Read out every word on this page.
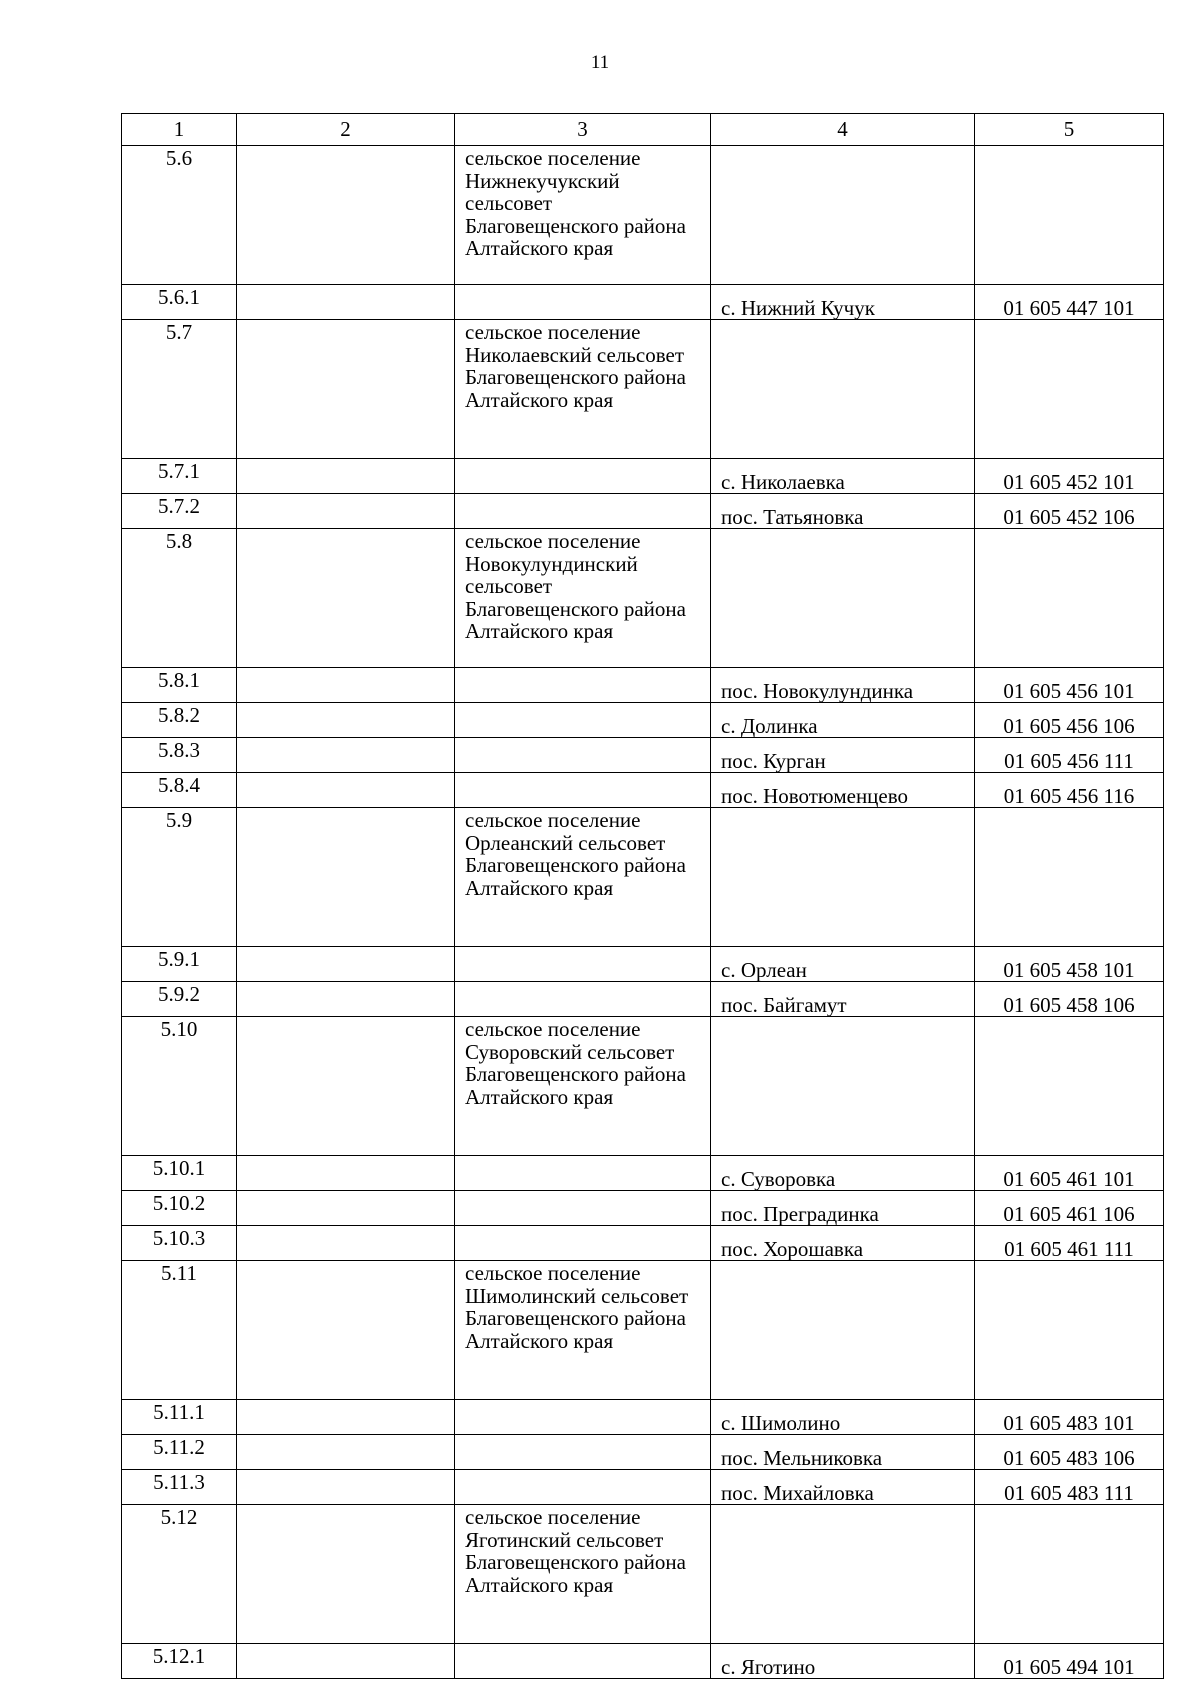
11
1	2	3	4	5
5.6		сельское поселение Нижнекучукский сельсовет Благовещенского района Алтайского края		
5.6.1			с. Нижний Кучук	01 605 447 101
5.7		сельское поселение Николаевский сельсовет Благовещенского района Алтайского края		
5.7.1			с. Николаевка	01 605 452 101
5.7.2			пос. Татьяновка	01 605 452 106
5.8		сельское поселение Новокулундинский сельсовет Благовещенского района Алтайского края		
5.8.1			пос. Новокулундинка	01 605 456 101
5.8.2			с. Долинка	01 605 456 106
5.8.3			пос. Курган	01 605 456 111
5.8.4			пос. Новотюменцево	01 605 456 116
5.9		сельское поселение Орлеанский сельсовет Благовещенского района Алтайского края		
5.9.1			с. Орлеан	01 605 458 101
5.9.2			пос. Байгамут	01 605 458 106
5.10		сельское поселение Суворовский сельсовет Благовещенского района Алтайского края		
5.10.1			с. Суворовка	01 605 461 101
5.10.2			пос. Преградинка	01 605 461 106
5.10.3			пос. Хорошавка	01 605 461 111
5.11		сельское поселение Шимолинский сельсовет Благовещенского района Алтайского края		
5.11.1			с. Шимолино	01 605 483 101
5.11.2			пос. Мельниковка	01 605 483 106
5.11.3			пос. Михайловка	01 605 483 111
5.12		сельское поселение Яготинский сельсовет Благовещенского района Алтайского края		
5.12.1			с. Яготино	01 605 494 101
